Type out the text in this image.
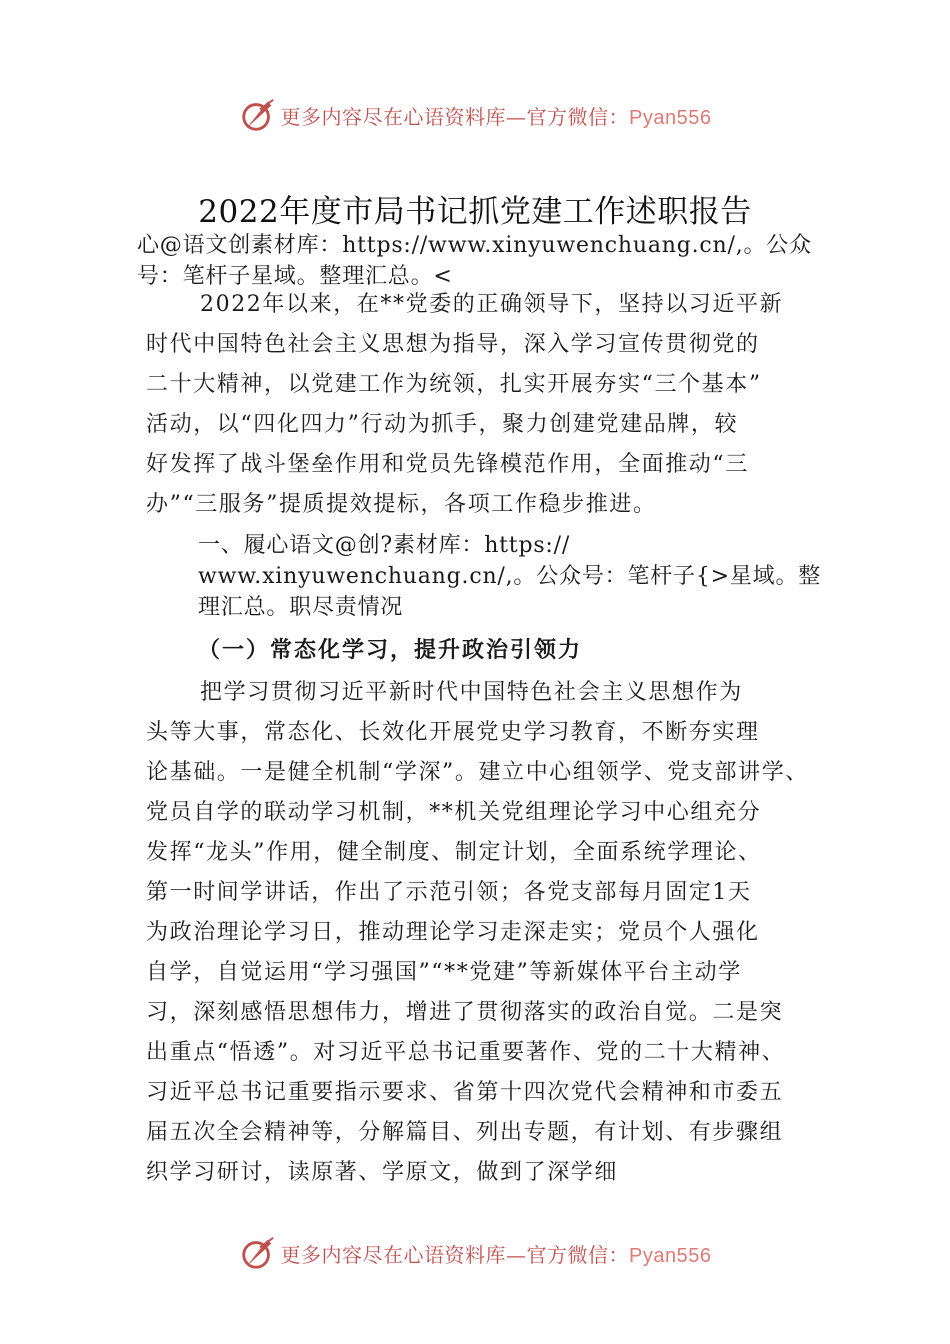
更多内容尽在心语资料库—官方微信：Pyan556
2022年度市局书记抓党建工作述职报告
心@语文创素材库：https://www.xinyuwenchuang.cn/,。公众
号：笔杆子星域。整理汇总。<
2022年以来，在**党委的正确领导下，坚持以习近平新
时代中国特色社会主义思想为指导，深入学习宣传贯彻党的
二十大精神，以党建工作为统领，扎实开展夯实“三个基本”
活动，以“四化四力”行动为抓手，聚力创建党建品牌，较
好发挥了战斗堡垒作用和党员先锋模范作用，全面推动“三
办”“三服务”提质提效提标，各项工作稳步推进。
一、履心语文@创?素材库：https://
www.xinyuwenchuang.cn/,。公众号：笔杆子{>星域。整
理汇总。职尽责情况
（一）常态化学习，提升政治引领力
把学习贯彻习近平新时代中国特色社会主义思想作为
头等大事，常态化、长效化开展党史学习教育，不断夯实理
论基础。一是健全机制“学深”。建立中心组领学、党支部讲学、
党员自学的联动学习机制，**机关党组理论学习中心组充分
发挥“龙头”作用，健全制度、制定计划，全面系统学理论、
第一时间学讲话，作出了示范引领；各党支部每月固定1天
为政治理论学习日，推动理论学习走深走实；党员个人强化
自学，自觉运用“学习强国”“**党建”等新媒体平台主动学
习，深刻感悟思想伟力，增进了贯彻落实的政治自觉。二是突
出重点“悟透”。对习近平总书记重要著作、党的二十大精神、
习近平总书记重要指示要求、省第十四次党代会精神和市委五
届五次全会精神等，分解篇目、列出专题，有计划、有步骤组
织学习研讨，读原著、学原文，做到了深学细
更多内容尽在心语资料库—官方微信：Pyan556
